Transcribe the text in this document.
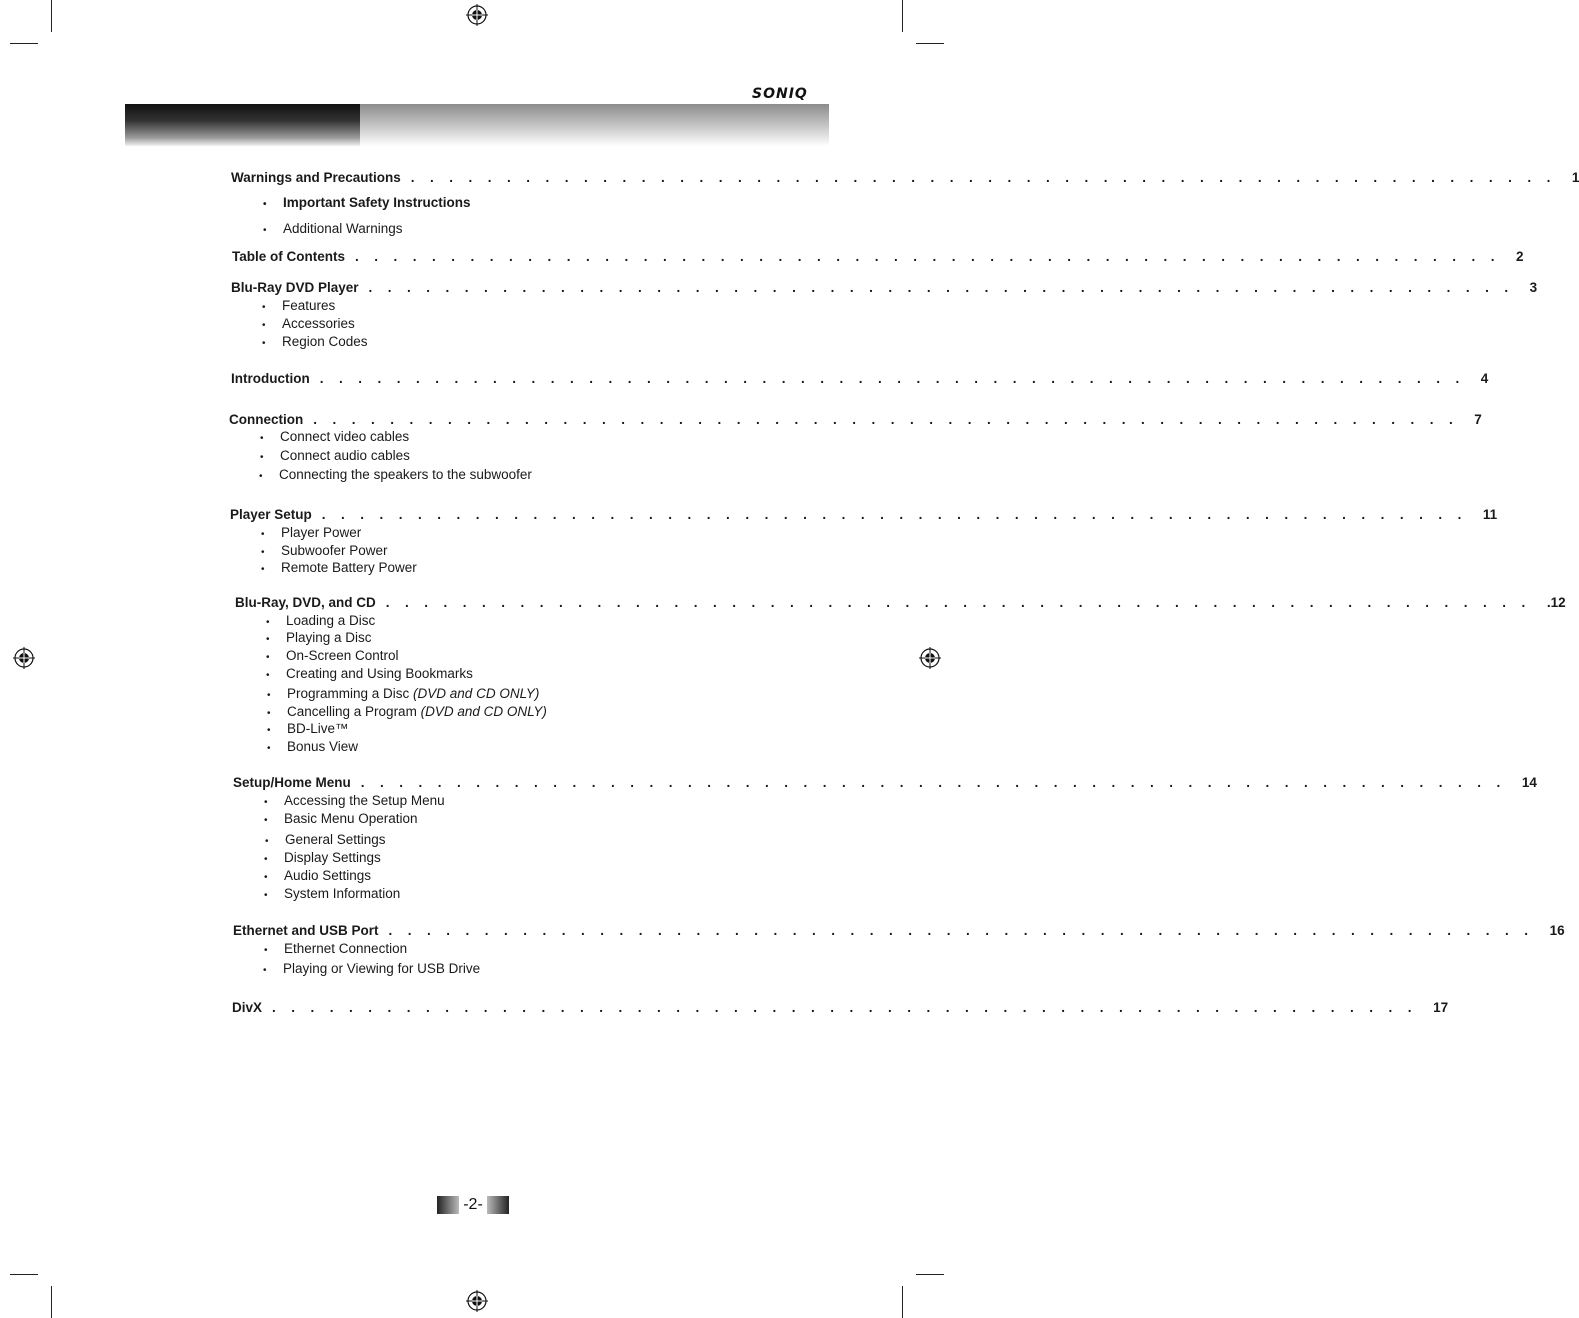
SONIQ
Warnings and Precautions ............................................................ 1
•	Important Safety Instructions
•	Additional Warnings
Table of Contents ............................................................ 2
Blu-Ray DVD Player ............................................................ 3
•	Features
•	Accessories
•	Region Codes
Introduction ............................................................ 4
Connection ............................................................ 7
•	Connect video cables
•	Connect audio cables
•	Connecting the speakers to the subwoofer
Player Setup ............................................................ 11
•	Player Power
•	Subwoofer Power
•	Remote Battery Power
Blu-Ray, DVD, and CD ............................................................ .12
•	Loading a Disc
•	Playing a Disc
•	On-Screen Control
•	Creating and Using Bookmarks
•	Programming a Disc (DVD and CD ONLY)
•	Cancelling a Program (DVD and CD ONLY)
•	BD-Live™
•	Bonus View
Setup/Home Menu ............................................................ 14
•	Accessing the Setup Menu
•	Basic Menu Operation
•	General Settings
•	Display Settings
•	Audio Settings
•	System Information
Ethernet and USB Port ............................................................ 16
•	Ethernet Connection
•	Playing or Viewing for USB Drive
DivX ............................................................ 17
-2-
